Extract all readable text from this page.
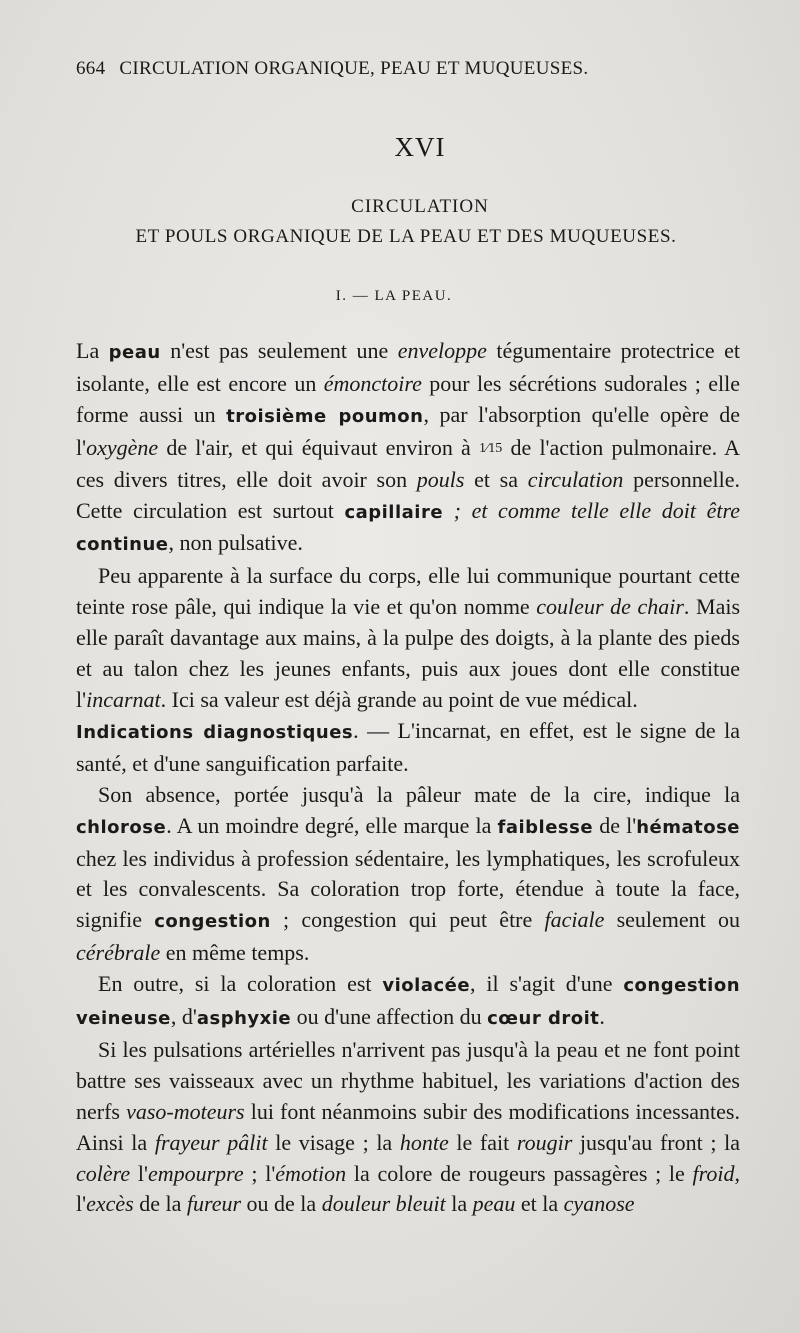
664 CIRCULATION ORGANIQUE, PEAU ET MUQUEUSES.
XVI
CIRCULATION
ET POULS ORGANIQUE DE LA PEAU ET DES MUQUEUSES.
I. — LA PEAU.

La peau n'est pas seulement une enveloppe tégumentaire protectrice et isolante, elle est encore un émonctoire pour les sécrétions sudorales ; elle forme aussi un troisième poumon, par l'absorption qu'elle opère de l'oxygène de l'air, et qui équivaut environ à 1⁄15 de l'action pulmonaire. A ces divers titres, elle doit avoir son pouls et sa circulation personnelle. Cette circulation est surtout capillaire ; et comme telle elle doit être continue, non pulsative.

Peu apparente à la surface du corps, elle lui communique pourtant cette teinte rose pâle, qui indique la vie et qu'on nomme couleur de chair. Mais elle paraît davantage aux mains, à la pulpe des doigts, à la plante des pieds et au talon chez les jeunes enfants, puis aux joues dont elle constitue l'incarnat. Ici sa valeur est déjà grande au point de vue médical.

Indications diagnostiques. — L'incarnat, en effet, est le signe de la santé, et d'une sanguification parfaite.

Son absence, portée jusqu'à la pâleur mate de la cire, indique la chlorose. A un moindre degré, elle marque la faiblesse de l'hématose chez les individus à profession sédentaire, les lymphatiques, les scrofuleux et les convalescents. Sa coloration trop forte, étendue à toute la face, signifie congestion ; congestion qui peut être faciale seulement ou cérébrale en même temps.

En outre, si la coloration est violacée, il s'agit d'une congestion veineuse, d'asphyxie ou d'une affection du cœur droit.

Si les pulsations artérielles n'arrivent pas jusqu'à la peau et ne font point battre ses vaisseaux avec un rhythme habituel, les variations d'action des nerfs vaso-moteurs lui font néanmoins subir des modifications incessantes. Ainsi la frayeur pâlit le visage ; la honte le fait rougir jusqu'au front ; la colère l'empourpre ; l'émotion la colore de rougeurs passagères ; le froid, l'excès de la fureur ou de la douleur bleuit la peau et la cyanose
